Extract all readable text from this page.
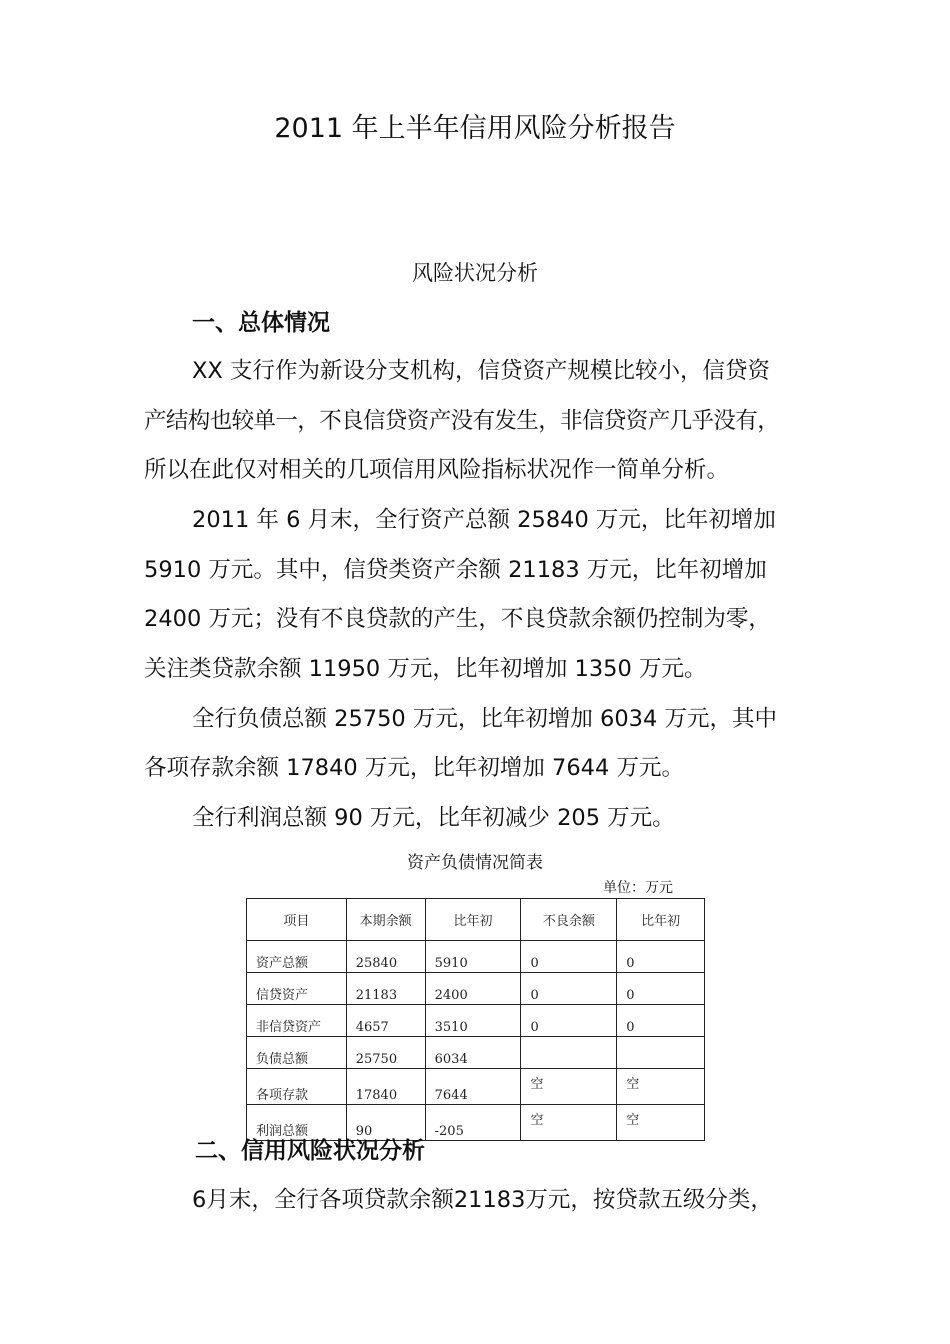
2011 年上半年信用风险分析报告
风险状况分析
一、总体情况
XX 支行作为新设分支机构，信贷资产规模比较小，信贷资
产结构也较单一，不良信贷资产没有发生，非信贷资产几乎没有，
所以在此仅对相关的几项信用风险指标状况作一简单分析。
2011 年 6 月末，全行资产总额 25840 万元，比年初增加
5910 万元。其中，信贷类资产余额 21183 万元，比年初增加
2400 万元；没有不良贷款的产生，不良贷款余额仍控制为零，
关注类贷款余额 11950 万元，比年初增加 1350 万元。
全行负债总额 25750 万元，比年初增加 6034 万元，其中
各项存款余额 17840 万元，比年初增加 7644 万元。
全行利润总额 90 万元，比年初减少 205 万元。
资产负债情况简表
单位：万元
项目	本期余额	比年初	不良余额	比年初
资产总额	25840	5910	0	0
信贷资产	21183	2400	0	0
非信贷资产	4657	3510	0	0
负债总额	25750	6034		
各项存款	17840	7644	空	空
利润总额	90	-205	空	空
二、信用风险状况分析
6月末，全行各项贷款余额21183万元，按贷款五级分类，
